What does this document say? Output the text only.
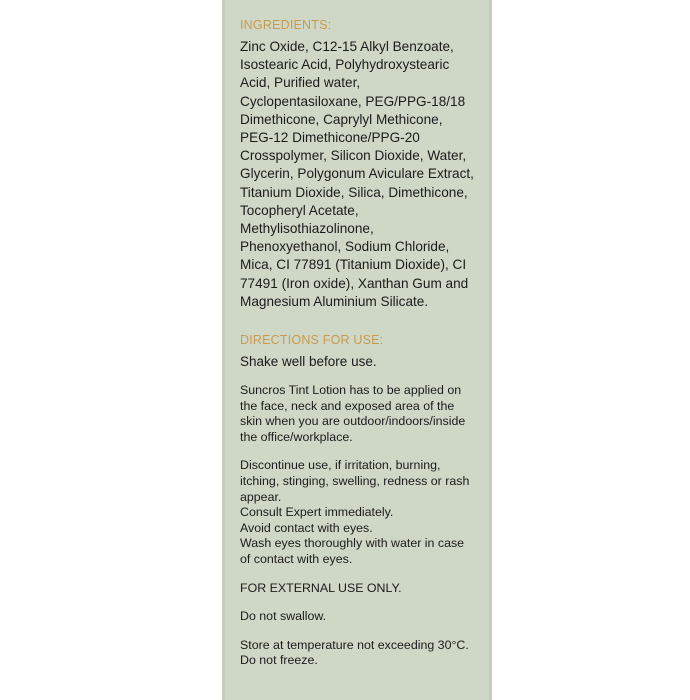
INGREDIENTS:

Zinc Oxide, C12-15 Alkyl Benzoate, Isostearic Acid, Polyhydroxystearic Acid, Purified water, Cyclopentasiloxane, PEG/PPG-18/18 Dimethicone, Caprylyl Methicone, PEG-12 Dimethicone/PPG-20 Crosspolymer, Silicon Dioxide, Water, Glycerin, Polygonum Aviculare Extract, Titanium Dioxide, Silica, Dimethicone, Tocopheryl Acetate, Methylisothiazolinone, Phenoxyethanol, Sodium Chloride, Mica, CI 77891 (Titanium Dioxide), CI 77491 (Iron oxide), Xanthan Gum and Magnesium Aluminium Silicate.

DIRECTIONS FOR USE:

Shake well before use.

Suncros Tint Lotion has to be applied on the face, neck and exposed area of the skin when you are outdoor/indoors/inside the office/workplace.

Discontinue use, if irritation, burning, itching, stinging, swelling, redness or rash appear.

Consult Expert immediately.

Avoid contact with eyes.

Wash eyes thoroughly with water in case of contact with eyes.

FOR EXTERNAL USE ONLY.

Do not swallow.

Store at temperature not exceeding 30°C. Do not freeze.
